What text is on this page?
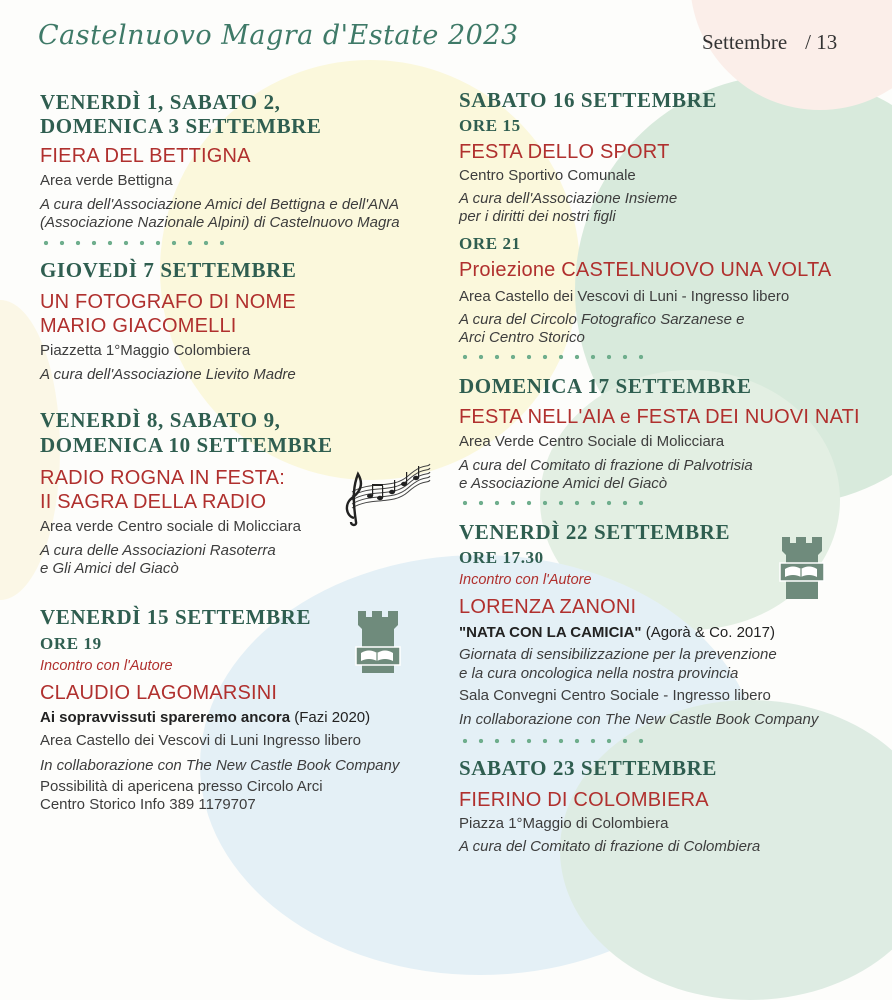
Castelnuovo Magra d'Estate 2023	Settembre / 13
VENERDÌ 1, SABATO 2,
DOMENICA 3 SETTEMBRE
FIERA DEL BETTIGNA
Area verde Bettigna
A cura dell'Associazione Amici del Bettigna e dell'ANA
(Associazione Nazionale Alpini) di Castelnuovo Magra
GIOVEDÌ 7 SETTEMBRE
UN FOTOGRAFO DI NOME
MARIO GIACOMELLI
Piazzetta 1°Maggio Colombiera
A cura dell'Associazione Lievito Madre
VENERDÌ 8, SABATO 9,
DOMENICA 10 SETTEMBRE
RADIO ROGNA IN FESTA:
II SAGRA DELLA RADIO
Area verde Centro sociale di Molicciara
A cura delle Associazioni Rasoterra
e Gli Amici del Giacò
VENERDÌ 15 SETTEMBRE
ORE 19
Incontro con l'Autore
CLAUDIO LAGOMARSINI
Ai sopravvissuti spareremo ancora (Fazi 2020)
Area Castello dei Vescovi di Luni Ingresso libero
In collaborazione con The New Castle Book Company
Possibilità di apericena presso Circolo Arci
Centro Storico Info 389 1179707
SABATO 16 SETTEMBRE
ORE 15
FESTA DELLO SPORT
Centro Sportivo Comunale
A cura dell'Associazione Insieme
per i diritti dei nostri figli
ORE 21
Proiezione CASTELNUOVO UNA VOLTA
Area Castello dei Vescovi di Luni - Ingresso libero
A cura del Circolo Fotografico Sarzanese e
Arci Centro Storico
DOMENICA 17 SETTEMBRE
FESTA NELL'AIA e FESTA DEI NUOVI NATI
Area Verde Centro Sociale di Molicciara
A cura del Comitato di frazione di Palvotrisia
e Associazione Amici del Giacò
VENERDÌ 22 SETTEMBRE
ORE 17.30
Incontro con l'Autore
LORENZA ZANONI
"NATA CON LA CAMICIA" (Agorà & Co. 2017)
Giornata di sensibilizzazione per la prevenzione
e la cura oncologica nella nostra provincia
Sala Convegni Centro Sociale - Ingresso libero
In collaborazione con The New Castle Book Company
SABATO 23 SETTEMBRE
FIERINO DI COLOMBIERA
Piazza 1°Maggio di Colombiera
A cura del Comitato di frazione di Colombiera
